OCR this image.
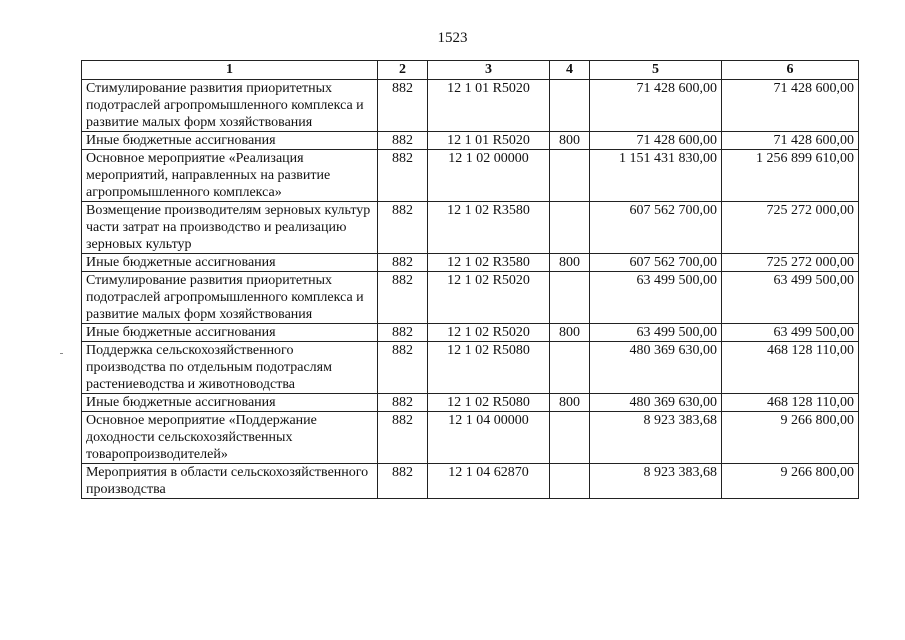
1523
1	2	3	4	5	6
Стимулирование развития приоритетных подотраслей агропромышленного комплекса и развитие малых форм хозяйствования	882	12 1 01 R5020		71 428 600,00	71 428 600,00
Иные бюджетные ассигнования	882	12 1 01 R5020	800	71 428 600,00	71 428 600,00
Основное мероприятие «Реализация мероприятий, направленных на развитие агропромышленного комплекса»	882	12 1 02 00000		1 151 431 830,00	1 256 899 610,00
Возмещение производителям зерновых культур части затрат на производство и реализацию зерновых культур	882	12 1 02 R3580		607 562 700,00	725 272 000,00
Иные бюджетные ассигнования	882	12 1 02 R3580	800	607 562 700,00	725 272 000,00
Стимулирование развития приоритетных подотраслей агропромышленного комплекса и развитие малых форм хозяйствования	882	12 1 02 R5020		63 499 500,00	63 499 500,00
Иные бюджетные ассигнования	882	12 1 02 R5020	800	63 499 500,00	63 499 500,00
Поддержка сельскохозяйственного производства по отдельным подотраслям растениеводства и животноводства	882	12 1 02 R5080		480 369 630,00	468 128 110,00
Иные бюджетные ассигнования	882	12 1 02 R5080	800	480 369 630,00	468 128 110,00
Основное мероприятие «Поддержание доходности сельскохозяйственных товаропроизводителей»	882	12 1 04 00000		8 923 383,68	9 266 800,00
Мероприятия в области сельскохозяйственного производства	882	12 1 04 62870		8 923 383,68	9 266 800,00
